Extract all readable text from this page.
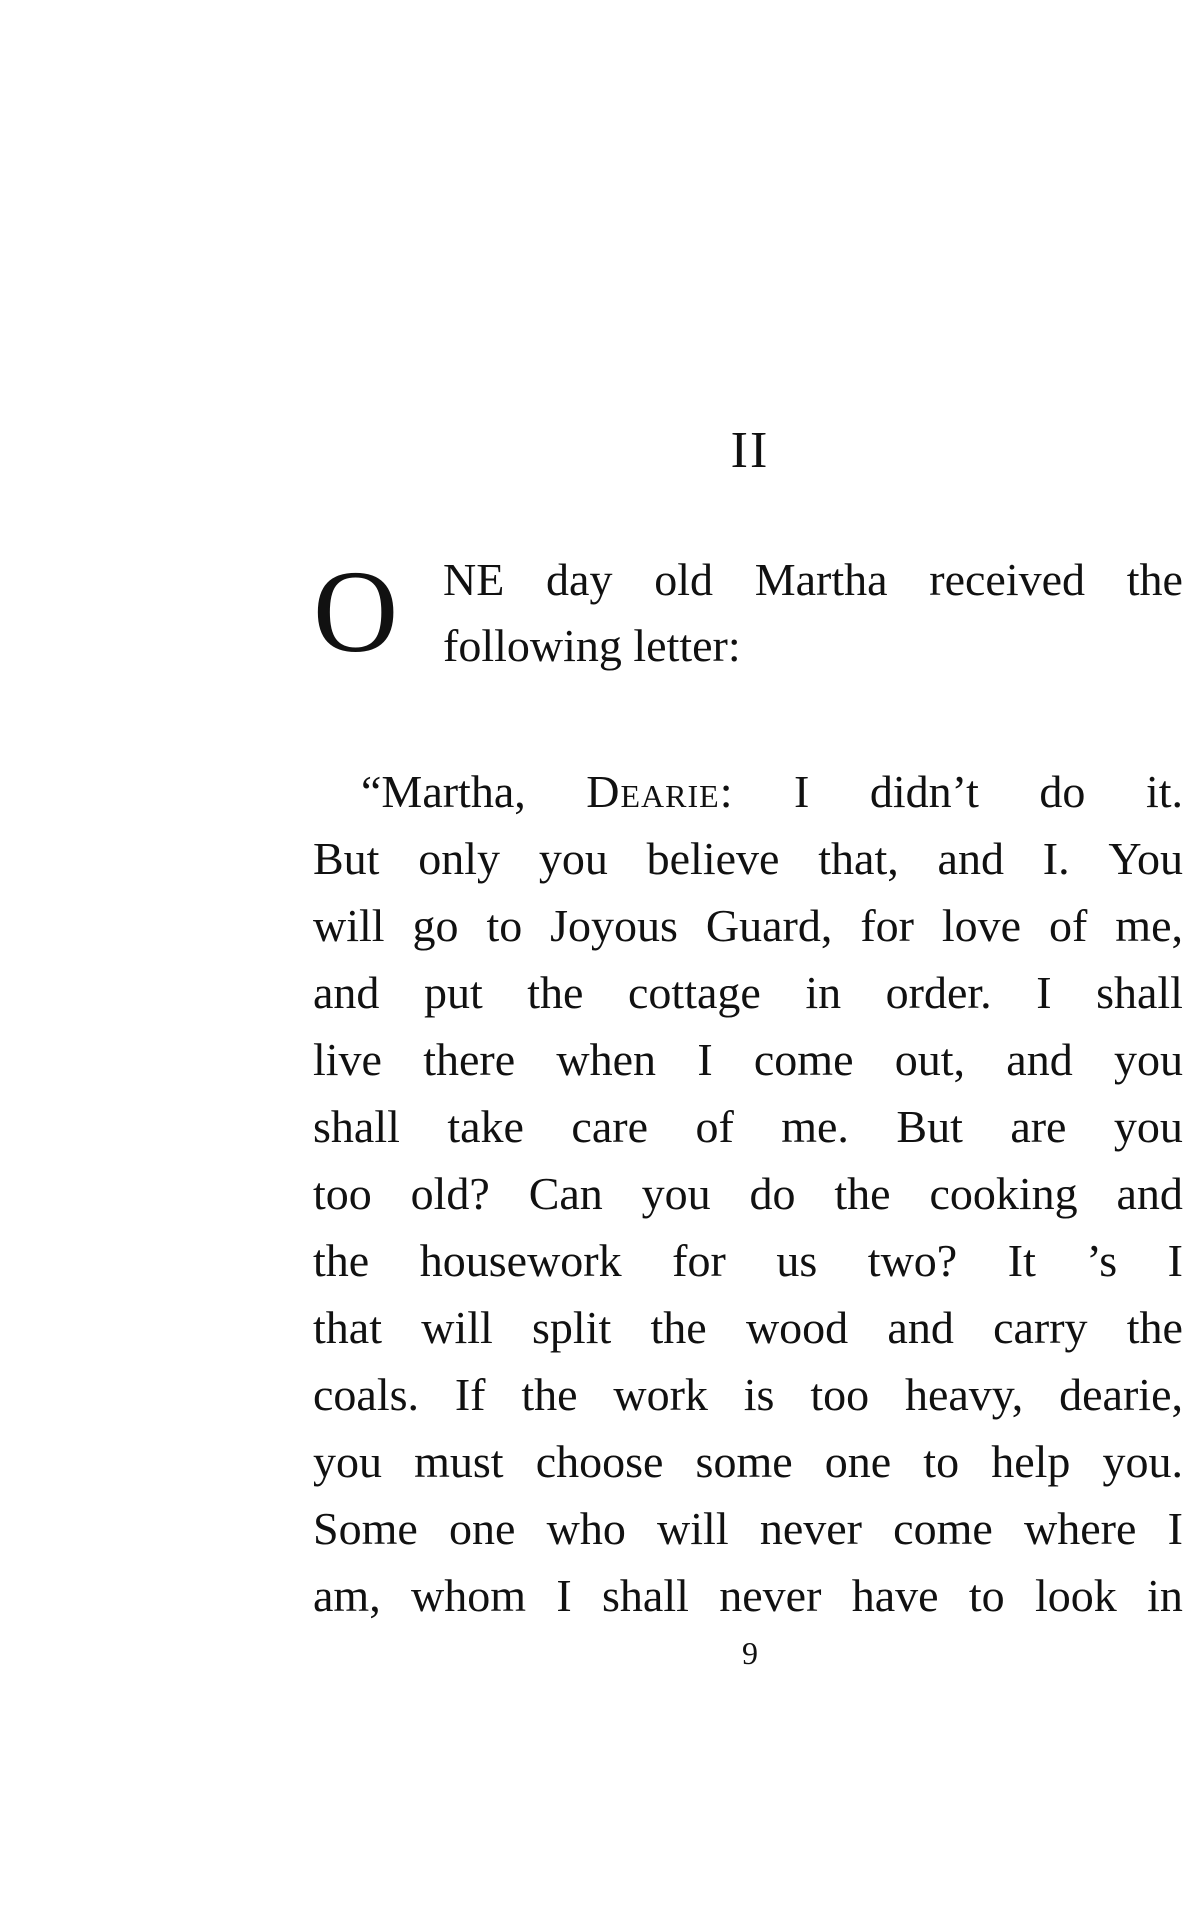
II
O NE day old Martha received the
following letter:
“Martha, Dearie: I didn’t do it.
But only you believe that, and I. You
will go to Joyous Guard, for love of me,
and put the cottage in order. I shall
live there when I come out, and you
shall take care of me. But are you
too old? Can you do the cooking and
the housework for us two? It ’s I
that will split the wood and carry the
coals. If the work is too heavy, dearie,
you must choose some one to help you.
Some one who will never come where I
am, whom I shall never have to look in
9
